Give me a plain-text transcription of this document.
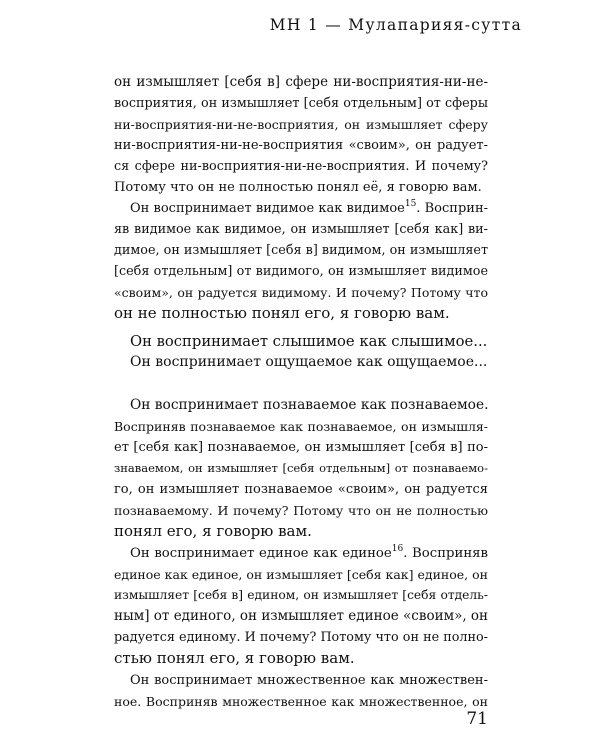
МН 1 — Мулапарияя-сутта
он измышляет [себя в] сфере ни-восприятия-ни-не-
восприятия, он измышляет [себя отдельным] от сферы
ни-восприятия-ни-не-восприятия, он измышляет сферу
ни-восприятия-ни-не-восприятия «своим», он радует-
ся сфере ни-восприятия-ни-не-восприятия. И почему?
Потому что он не полностью понял её, я говорю вам.
Он воспринимает видимое как видимое$^{15}$. Восприн-
яв видимое как видимое, он измышляет [себя как] ви-
димое, он измышляет [себя в] видимом, он измышляет
[себя отдельным] от видимого, он измышляет видимое
«своим», он радуется видимому. И почему? Потому что
он не полностью понял его, я говорю вам.
Он воспринимает слышимое как слышимое...
Он воспринимает ощущаемое как ощущаемое...
Он воспринимает познаваемое как познаваемое.
Восприняв познаваемое как познаваемое, он измышля-
ет [себя как] познаваемое, он измышляет [себя в] по-
знаваемом, он измышляет [себя отдельным] от познаваемо-
го, он измышляет познаваемое «своим», он радуется
познаваемому. И почему? Потому что он не полностью
понял его, я говорю вам.
Он воспринимает единое как единое$^{16}$. Восприняв
единое как единое, он измышляет [себя как] единое, он
измышляет [себя в] едином, он измышляет [себя отдель-
ным] от единого, он измышляет единое «своим», он
радуется единому. И почему? Потому что он не полно-
стью понял его, я говорю вам.
Он воспринимает множественное как множествен-
ное. Восприняв множественное как множественное, он
71
